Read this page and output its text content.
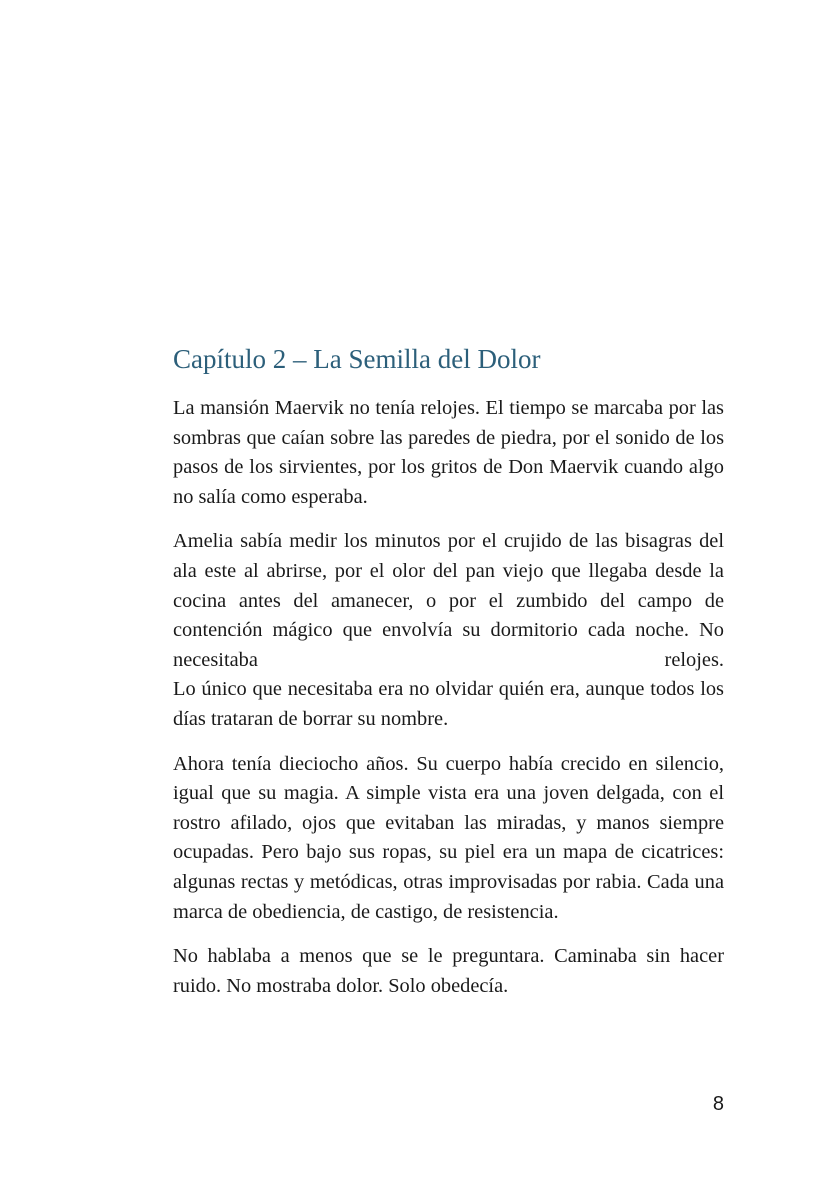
Capítulo 2 – La Semilla del Dolor

La mansión Maervik no tenía relojes. El tiempo se marcaba por las sombras que caían sobre las paredes de piedra, por el sonido de los pasos de los sirvientes, por los gritos de Don Maervik cuando algo no salía como esperaba.

Amelia sabía medir los minutos por el crujido de las bisagras del ala este al abrirse, por el olor del pan viejo que llegaba desde la cocina antes del amanecer, o por el zumbido del campo de contención mágico que envolvía su dormitorio cada noche. No necesitaba relojes.
Lo único que necesitaba era no olvidar quién era, aunque todos los días trataran de borrar su nombre.

Ahora tenía dieciocho años. Su cuerpo había crecido en silencio, igual que su magia. A simple vista era una joven delgada, con el rostro afilado, ojos que evitaban las miradas, y manos siempre ocupadas. Pero bajo sus ropas, su piel era un mapa de cicatrices: algunas rectas y metódicas, otras improvisadas por rabia. Cada una marca de obediencia, de castigo, de resistencia.

No hablaba a menos que se le preguntara. Caminaba sin hacer ruido. No mostraba dolor. Solo obedecía.

8
